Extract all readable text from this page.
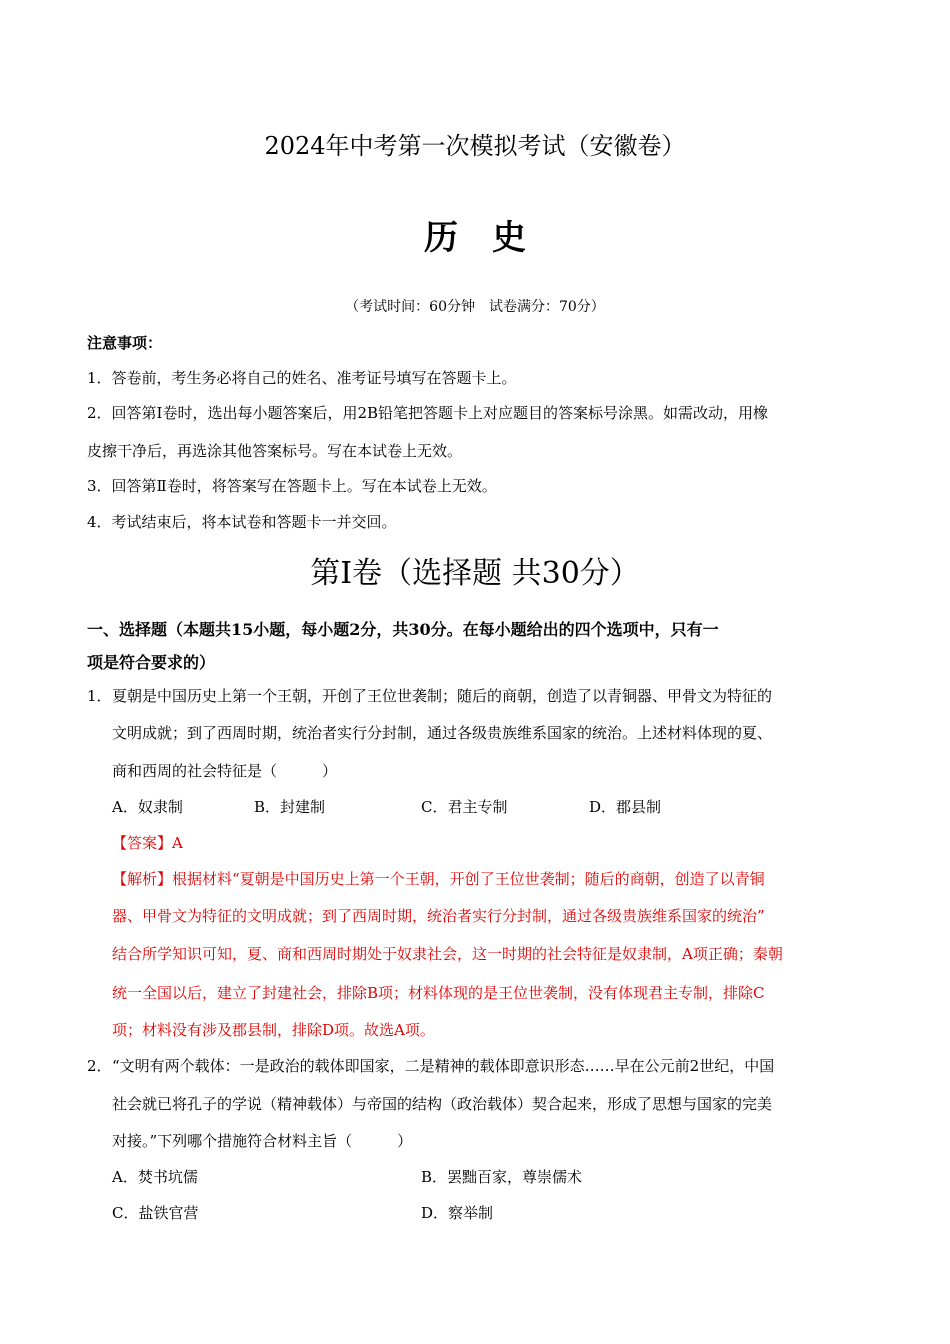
2024年中考第一次模拟考试（安徽卷）
历史
（考试时间：60分钟　试卷满分：70分）
注意事项：
1．答卷前，考生务必将自己的姓名、准考证号填写在答题卡上。
2．回答第Ⅰ卷时，选出每小题答案后，用2B铅笔把答题卡上对应题目的答案标号涂黑。如需改动，用橡
皮擦干净后，再选涂其他答案标号。写在本试卷上无效。
3．回答第Ⅱ卷时，将答案写在答题卡上。写在本试卷上无效。
4．考试结束后，将本试卷和答题卡一并交回。
第Ⅰ卷（选择题 共30分）
一、选择题（本题共15小题，每小题2分，共30分。在每小题给出的四个选项中，只有一
项是符合要求的）
1． 夏朝是中国历史上第一个王朝，开创了王位世袭制；随后的商朝，创造了以青铜器、甲骨文为特征的
文明成就；到了西周时期，统治者实行分封制，通过各级贵族维系国家的统治。上述材料体现的夏、
商和西周的社会特征是（　　　）
A．奴隶制	B．封建制	C．君主专制	D．郡县制
【答案】A
【解析】根据材料“夏朝是中国历史上第一个王朝，开创了王位世袭制；随后的商朝，创造了以青铜
器、甲骨文为特征的文明成就；到了西周时期，统治者实行分封制，通过各级贵族维系国家的统治”
结合所学知识可知，夏、商和西周时期处于奴隶社会，这一时期的社会特征是奴隶制，A项正确；秦朝
统一全国以后，建立了封建社会，排除B项；材料体现的是王位世袭制，没有体现君主专制，排除C
项；材料没有涉及郡县制，排除D项。故选A项。
2． “文明有两个载体：一是政治的载体即国家，二是精神的载体即意识形态……早在公元前2世纪，中国
社会就已将孔子的学说（精神载体）与帝国的结构（政治载体）契合起来，形成了思想与国家的完美
对接。”下列哪个措施符合材料主旨（　　　）
A．焚书坑儒	B．罢黜百家，尊崇儒术
C．盐铁官营	D．察举制
